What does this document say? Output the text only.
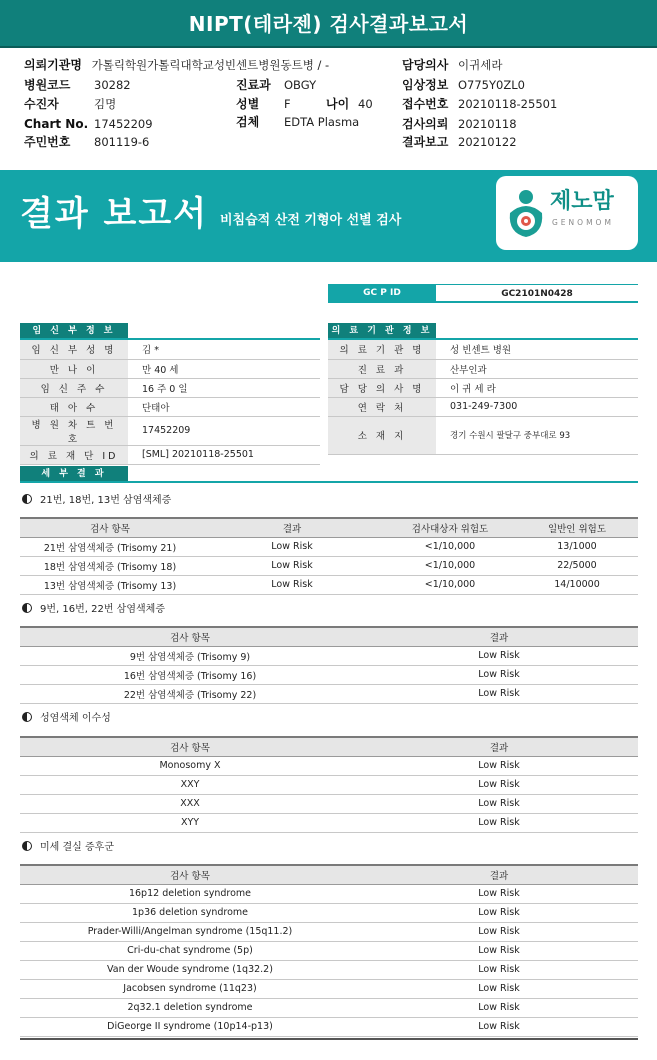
NIPT(테라젠) 검사결과보고서
의뢰기관명 가톨릭학원가톨릭대학교성빈센트병원동트병 / -
병원코드 30282
수진자	김명
Chart No. 17452209
주민번호 801119-6
진료과 OBGY
성별 F	나이 40
검체 EDTA Plasma
담당의사 이귀세라
임상정보 O775Y0ZL0
접수번호 20210118-25501
검사의뢰 20210118
결과보고 20210122
결과 보고서 비침습적 산전 기형아 선별 검사
제노맘
GENOMOM
GC P ID	GC2101N0428
임 신 부 정 보
임 신 부 성 명	김 *
만 나 이	만 40 세
임 신 주 수	16 주 0 일
태 아 수	단태아
병 원 차 트 번 호	17452209
의 료 재 단 ID	[SML] 20210118-25501
의 료 기 관 정 보
의 료 기 관 명	성 빈센트 병원
진 료 과	산부인과
담 당 의 사 명	이 귀 세 라
연 락 처	031-249-7300
소 재 지	경기 수원시 팔달구 중부대로 93
세 부 결 과
21번, 18번, 13번 삼염색체증
검사 항목	결과	검사대상자 위험도	일반인 위험도
21번 삼염색체증 (Trisomy 21)	Low Risk	<1/10,000	13/1000
18번 삼염색체증 (Trisomy 18)	Low Risk	<1/10,000	22/5000
13번 삼염색체증 (Trisomy 13)	Low Risk	<1/10,000	14/10000
9번, 16번, 22번 삼염색체증
검사 항목	결과
9번 삼염색체증 (Trisomy 9)	Low Risk
16번 삼염색체증 (Trisomy 16)	Low Risk
22번 삼염색체증 (Trisomy 22)	Low Risk
성염색체 이수성
검사 항목	결과
Monosomy X	Low Risk
XXY	Low Risk
XXX	Low Risk
XYY	Low Risk
미세 결실 증후군
검사 항목	결과
16p12 deletion syndrome	Low Risk
1p36 deletion syndrome	Low Risk
Prader-Willi/Angelman syndrome (15q11.2)	Low Risk
Cri-du-chat syndrome (5p)	Low Risk
Van der Woude syndrome (1q32.2)	Low Risk
Jacobsen syndrome (11q23)	Low Risk
2q32.1 deletion syndrome	Low Risk
DiGeorge II syndrome (10p14-p13)	Low Risk
